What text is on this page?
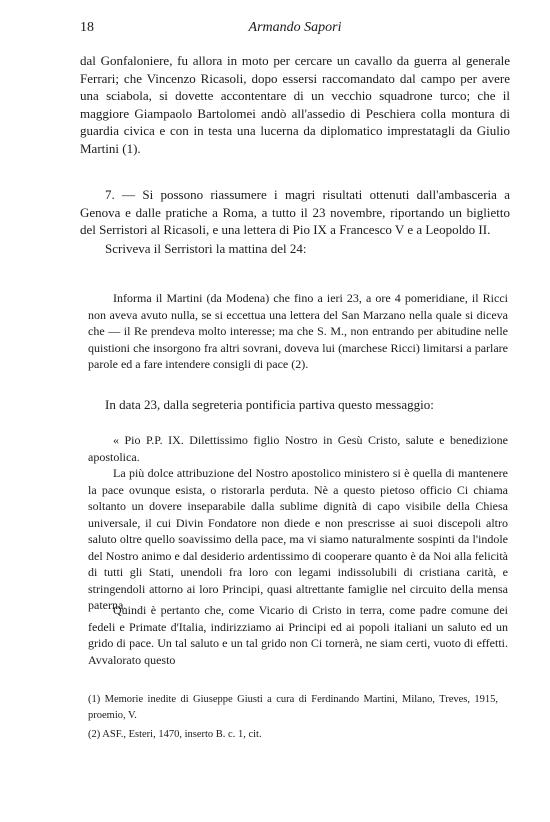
18	Armando Sapori

dal Gonfaloniere, fu allora in moto per cercare un cavallo da guerra al generale Ferrari; che Vincenzo Ricasoli, dopo essersi raccomandato dal campo per avere una sciabola, si dovette accontentare di un vecchio squadrone turco; che il maggiore Giampaolo Bartolomei andò all'assedio di Peschiera colla montura di guardia civica e con in testa una lucerna da diplomatico imprestatagli da Giulio Martini (1).

7. — Si possono riassumere i magri risultati ottenuti dall'ambasceria a Genova e dalle pratiche a Roma, a tutto il 23 novembre, riportando un biglietto del Serristori al Ricasoli, e una lettera di Pio IX a Francesco V e a Leopoldo II.

Scriveva il Serristori la mattina del 24:

Informa il Martini (da Modena) che fino a ieri 23, a ore 4 pomeridiane, il Ricci non aveva avuto nulla, se si eccettua una lettera del San Marzano nella quale si diceva che — il Re prendeva molto interesse; ma che S. M., non entrando per abitudine nelle quistioni che insorgono fra altri sovrani, doveva lui (marchese Ricci) limitarsi a parlare parole ed a fare intendere consigli di pace (2).

In data 23, dalla segreteria pontificia partiva questo messaggio:

« Pio P.P. IX. Dilettissimo figlio Nostro in Gesù Cristo, salute e benedizione apostolica.

La più dolce attribuzione del Nostro apostolico ministero si è quella di mantenere la pace ovunque esista, o ristorarla perduta. Nè a questo pietoso officio Ci chiama soltanto un dovere inseparabile dalla sublime dignità di capo visibile della Chiesa universale, il cui Divin Fondatore non diede e non prescrisse ai suoi discepoli altro saluto oltre quello soavissimo della pace, ma vi siamo naturalmente sospinti da l'indole del Nostro animo e dal desiderio ardentissimo di cooperare quanto è da Noi alla felicità di tutti gli Stati, unendoli fra loro con legami indissolubili di cristiana carità, e stringendoli attorno ai loro Principi, quasi altrettante famiglie nel circuito della mensa paterna.

Quindi è pertanto che, come Vicario di Cristo in terra, come padre comune dei fedeli e Primate d'Italia, indirizziamo ai Principi ed ai popoli italiani un saluto ed un grido di pace. Un tal saluto e un tal grido non Ci tornerà, ne siam certi, vuoto di effetti. Avvalorato questo

(1) Memorie inedite di Giuseppe Giusti a cura di Ferdinando Martini, Milano, Treves, 1915, proemio, V.

(2) ASF., Esteri, 1470, inserto B. c. 1, cit.
